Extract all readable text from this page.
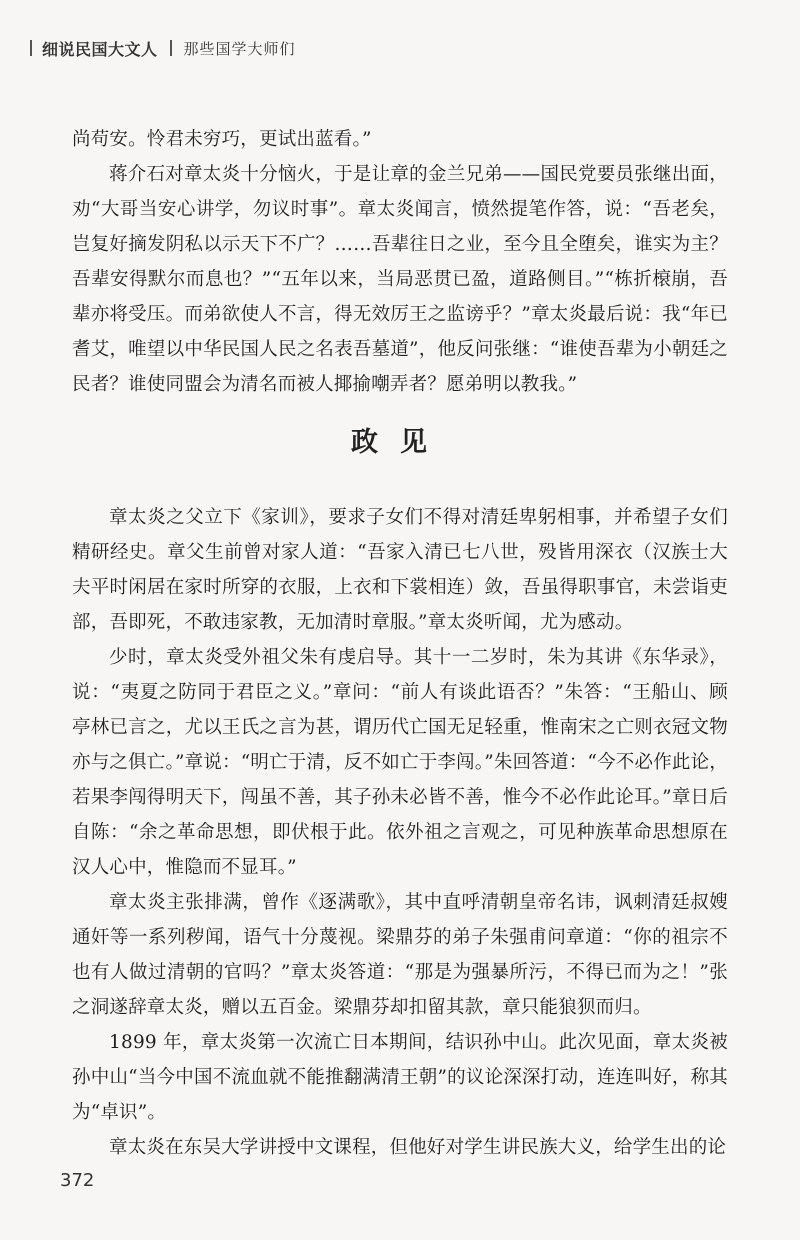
细说民国大文人 那些国学大师们

尚苟安。怜君未穷巧，更试出蓝看。”

蒋介石对章太炎十分恼火，于是让章的金兰兄弟——国民党要员张继出面，劝“大哥当安心讲学，勿议时事”。章太炎闻言，愤然提笔作答，说：“吾老矣，岂复好摘发阴私以示天下不广？……吾辈往日之业，至今且全堕矣，谁实为主？吾辈安得默尔而息也？”“五年以来，当局恶贯已盈，道路侧目。”“栋折榱崩，吾辈亦将受压。而弟欲使人不言，得无效厉王之监谤乎？”章太炎最后说：我“年已耆艾，唯望以中华民国人民之名表吾墓道”，他反问张继：“谁使吾辈为小朝廷之民者？谁使同盟会为清名而被人揶揄嘲弄者？愿弟明以教我。”

政见

章太炎之父立下《家训》，要求子女们不得对清廷卑躬相事，并希望子女们精研经史。章父生前曾对家人道：“吾家入清已七八世，殁皆用深衣（汉族士大夫平时闲居在家时所穿的衣服，上衣和下裳相连）敛，吾虽得职事官，未尝诣吏部，吾即死，不敢违家教，无加清时章服。”章太炎听闻，尤为感动。

少时，章太炎受外祖父朱有虔启导。其十一二岁时，朱为其讲《东华录》，说：“夷夏之防同于君臣之义。”章问：“前人有谈此语否？”朱答：“王船山、顾亭林已言之，尤以王氏之言为甚，谓历代亡国无足轻重，惟南宋之亡则衣冠文物亦与之俱亡。”章说：“明亡于清，反不如亡于李闯。”朱回答道：“今不必作此论，若果李闯得明天下，闯虽不善，其子孙未必皆不善，惟今不必作此论耳。”章日后自陈：“余之革命思想，即伏根于此。依外祖之言观之，可见种族革命思想原在汉人心中，惟隐而不显耳。”

章太炎主张排满，曾作《逐满歌》，其中直呼清朝皇帝名讳，讽刺清廷叔嫂通奸等一系列秽闻，语气十分蔑视。梁鼎芬的弟子朱强甫问章道：“你的祖宗不也有人做过清朝的官吗？”章太炎答道：“那是为强暴所污，不得已而为之！”张之洞遂辞章太炎，赠以五百金。梁鼎芬却扣留其款，章只能狼狈而归。

1899 年，章太炎第一次流亡日本期间，结识孙中山。此次见面，章太炎被孙中山“当今中国不流血就不能推翻满清王朝”的议论深深打动，连连叫好，称其为“卓识”。

章太炎在东吴大学讲授中文课程，但他好对学生讲民族大义，给学生出的论

372
